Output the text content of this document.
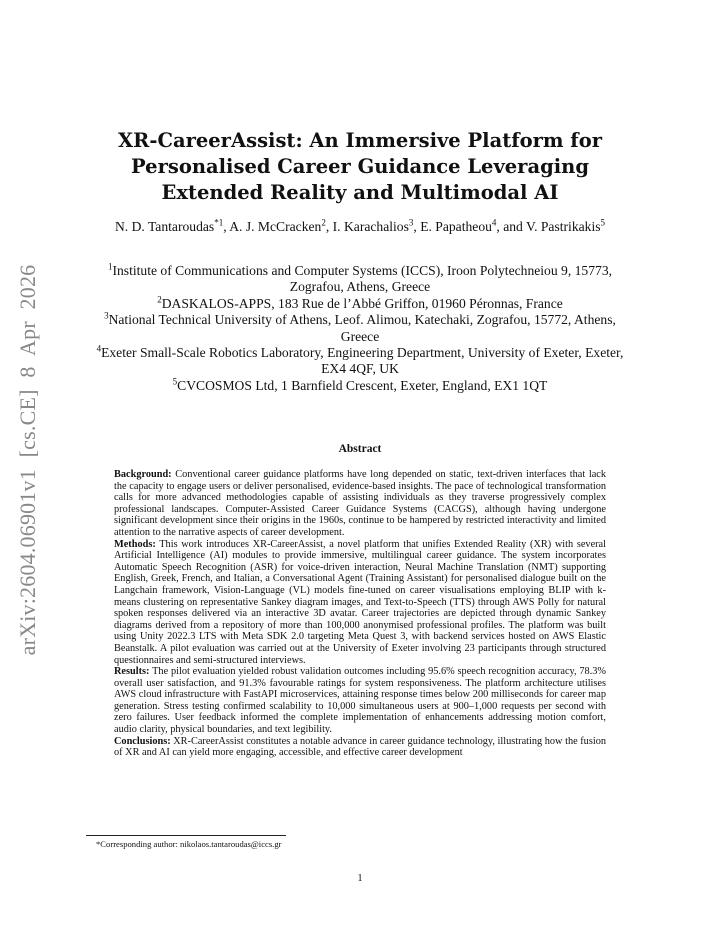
arXiv:2604.06901v1 [cs.CE] 8 Apr 2026
XR-CareerAssist: An Immersive Platform for Personalised Career Guidance Leveraging Extended Reality and Multimodal AI
N. D. Tantaroudas$^{*1}$, A. J. McCracken$^2$, I. Karachalios$^3$, E. Papatheou$^4$, and V. Pastrikakis$^5$

$^1$Institute of Communications and Computer Systems (ICCS), Iroon Polytechneiou 9, 15773, Zografou, Athens, Greece

$^2$DASKALOS-APPS, 183 Rue de l’Abbé Griffon, 01960 Péronnas, France

$^3$National Technical University of Athens, Leof. Alimou, Katechaki, Zografou, 15772, Athens, Greece

$^4$Exeter Small-Scale Robotics Laboratory, Engineering Department, University of Exeter, Exeter, EX4 4QF, UK

$^5$CVCOSMOS Ltd, 1 Barnfield Crescent, Exeter, England, EX1 1QT

Abstract

Background: Conventional career guidance platforms have long depended on static, text-driven interfaces that lack the capacity to engage users or deliver personalised, evidence-based insights. The pace of technological transformation calls for more advanced methodologies capable of assisting individuals as they traverse progressively complex professional landscapes. Computer-Assisted Career Guidance Systems (CACGS), although having undergone significant development since their origins in the 1960s, continue to be hampered by restricted interactivity and limited attention to the narrative aspects of career development.

Methods: This work introduces XR-CareerAssist, a novel platform that unifies Extended Reality (XR) with several Artificial Intelligence (AI) modules to provide immersive, multilingual career guidance. The system incorporates Automatic Speech Recognition (ASR) for voice-driven interaction, Neural Machine Translation (NMT) supporting English, Greek, French, and Italian, a Conversational Agent (Training Assistant) for personalised dialogue built on the Langchain framework, Vision-Language (VL) models fine-tuned on career visualisations employing BLIP with k-means clustering on representative Sankey diagram images, and Text-to-Speech (TTS) through AWS Polly for natural spoken responses delivered via an interactive 3D avatar. Career trajectories are depicted through dynamic Sankey diagrams derived from a repository of more than 100,000 anonymised professional profiles. The platform was built using Unity 2022.3 LTS with Meta SDK 2.0 targeting Meta Quest 3, with backend services hosted on AWS Elastic Beanstalk. A pilot evaluation was carried out at the University of Exeter involving 23 participants through structured questionnaires and semi-structured interviews.

Results: The pilot evaluation yielded robust validation outcomes including 95.6% speech recognition accuracy, 78.3% overall user satisfaction, and 91.3% favourable ratings for system responsiveness. The platform architecture utilises AWS cloud infrastructure with FastAPI microservices, attaining response times below 200 milliseconds for career map generation. Stress testing confirmed scalability to 10,000 simultaneous users at 900–1,000 requests per second with zero failures. User feedback informed the complete implementation of enhancements addressing motion comfort, audio clarity, physical boundaries, and text legibility.

Conclusions: XR-CareerAssist constitutes a notable advance in career guidance technology, illustrating how the fusion of XR and AI can yield more engaging, accessible, and effective career development

*Corresponding author: nikolaos.tantaroudas@iccs.gr
1
